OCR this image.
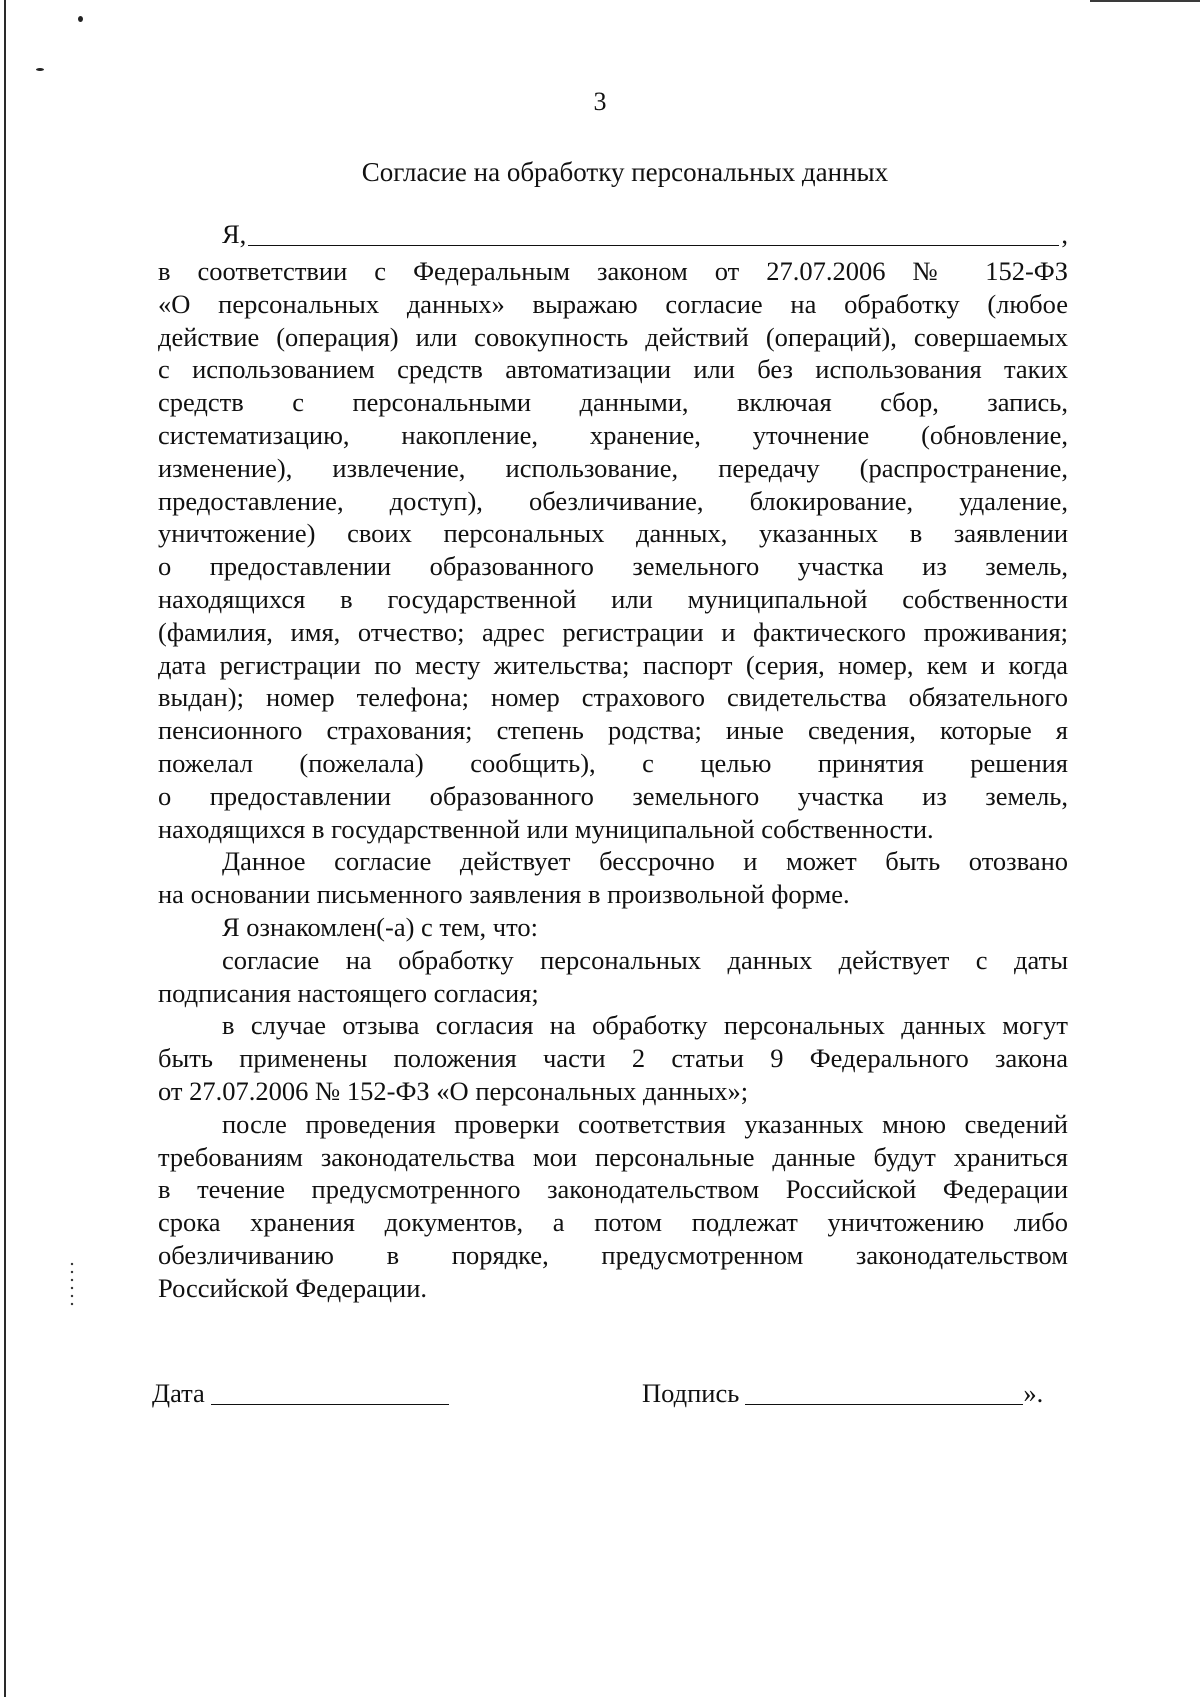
3
Согласие на обработку персональных данных
Я,	,
в соответствии с Федеральным законом от 27.07.2006 № 152-ФЗ
«О персональных данных» выражаю согласие на обработку (любое
действие (операция) или совокупность действий (операций), совершаемых
с использованием средств автоматизации или без использования таких
средств с персональными данными, включая сбор, запись,
систематизацию, накопление, хранение, уточнение (обновление,
изменение), извлечение, использование, передачу (распространение,
предоставление, доступ), обезличивание, блокирование, удаление,
уничтожение) своих персональных данных, указанных в заявлении
о предоставлении образованного земельного участка из земель,
находящихся в государственной или муниципальной собственности
(фамилия, имя, отчество; адрес регистрации и фактического проживания;
дата регистрации по месту жительства; паспорт (серия, номер, кем и когда
выдан); номер телефона; номер страхового свидетельства обязательного
пенсионного страхования; степень родства; иные сведения, которые я
пожелал (пожелала) сообщить), с целью принятия решения
о предоставлении образованного земельного участка из земель,
находящихся в государственной или муниципальной собственности.
Данное согласие действует бессрочно и может быть отозвано
на основании письменного заявления в произвольной форме.
Я ознакомлен(-а) с тем, что:
согласие на обработку персональных данных действует с даты
подписания настоящего согласия;
в случае отзыва согласия на обработку персональных данных могут
быть применены положения части 2 статьи 9 Федерального закона
от 27.07.2006 № 152-ФЗ «О персональных данных»;
после проведения проверки соответствия указанных мною сведений
требованиям законодательства мои персональные данные будут храниться
в течение предусмотренного законодательством Российской Федерации
срока хранения документов, а потом подлежат уничтожению либо
обезличиванию в порядке, предусмотренном законодательством
Российской Федерации.
Дата	Подпись	».
